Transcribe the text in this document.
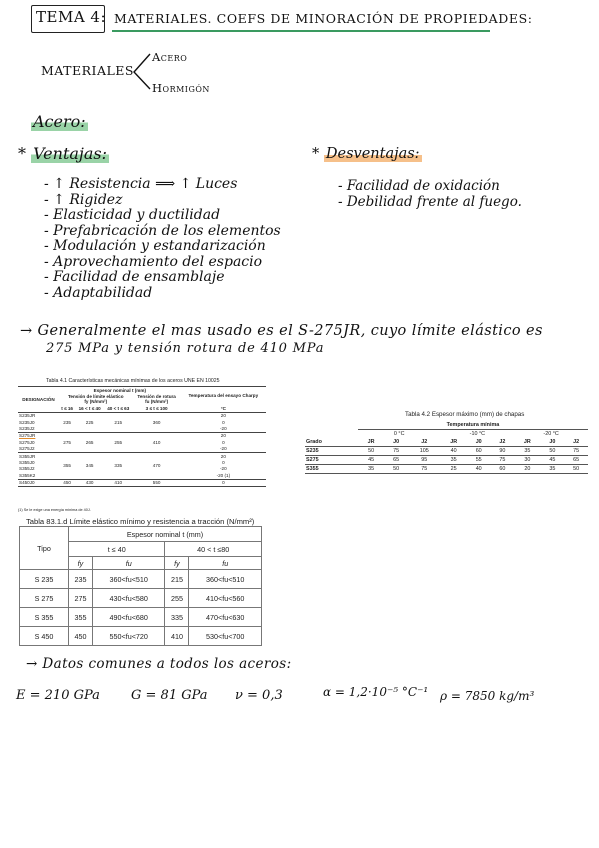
TEMA 4: MATERIALES. COEFS DE MINORACIÓN DE PROPIEDADES:
MATERIALES
Acero
Hormigón
Acero:
* Ventajas:
- ↑ Resistencia ⟹ ↑ Luces
- ↑ Rigidez
- Elasticidad y ductilidad
- Prefabricación de los elementos
- Modulación y estandarización
- Aprovechamiento del espacio
- Facilidad de ensamblaje
- Adaptabilidad
* Desventajas:
- Facilidad de oxidación
- Debilidad frente al fuego.
→ Generalmente el mas usado es el S-275JR, cuyo límite elástico es
275 MPa y tensión rotura de 410 MPa
Tabla 4.1 Características mecánicas mínimas de los aceros UNE EN 10025
DESIGNACIÓN	Espesor nominal t (mm)				Temperatura del ensayo Charpy
	Tensión de límite elástico
fy (N/mm²)			Tensión de rotura
fu (N/mm²)	
	t ≤ 16	16 < t ≤ 40	40 < t ≤ 63	3 ≤ t ≤ 100	°C
S235JR	235	225	215	360	20
S235J0					0
S235J2					-20
S275JR	275	265	255	410	20
S275J0					0
S275J2					-20
S355JR	355	345	335	470	20
S355J0					0
S355J2					-20
S355K2					-20 (1)
S450J0	450	430	410	550	0
(1) Se le exige una energía mínima de 40J.
Tabla 4.2 Espesor máximo (mm) de chapas
	Temperatura mínima								
	0 °C			-10 °C			-20 °C		
Grado	JR	J0	J2	JR	J0	J2	JR	J0	J2
S235	50	75	105	40	60	90	35	50	75
S275	45	65	95	35	55	75	30	45	65
S355	35	50	75	25	40	60	20	35	50
Tabla 83.1.d Límite elástico mínimo y resistencia a tracción (N/mm²)
Tipo	Espesor nominal t (mm)			
	t ≤ 40		40 < t ≤80	
	fy	fu	fy	fu
S 235	235	360<fu<510	215	360<fu<510
S 275	275	430<fu<580	255	410<fu<560
S 355	355	490<fu<680	335	470<fu<630
S 450	450	550<fu<720	410	530<fu<700
→ Datos comunes a todos los aceros:
E = 210 GPa G = 81 GPa ν = 0,3	α = 1,2·10⁻⁵ °C⁻¹ ρ = 7850 kg/m³
